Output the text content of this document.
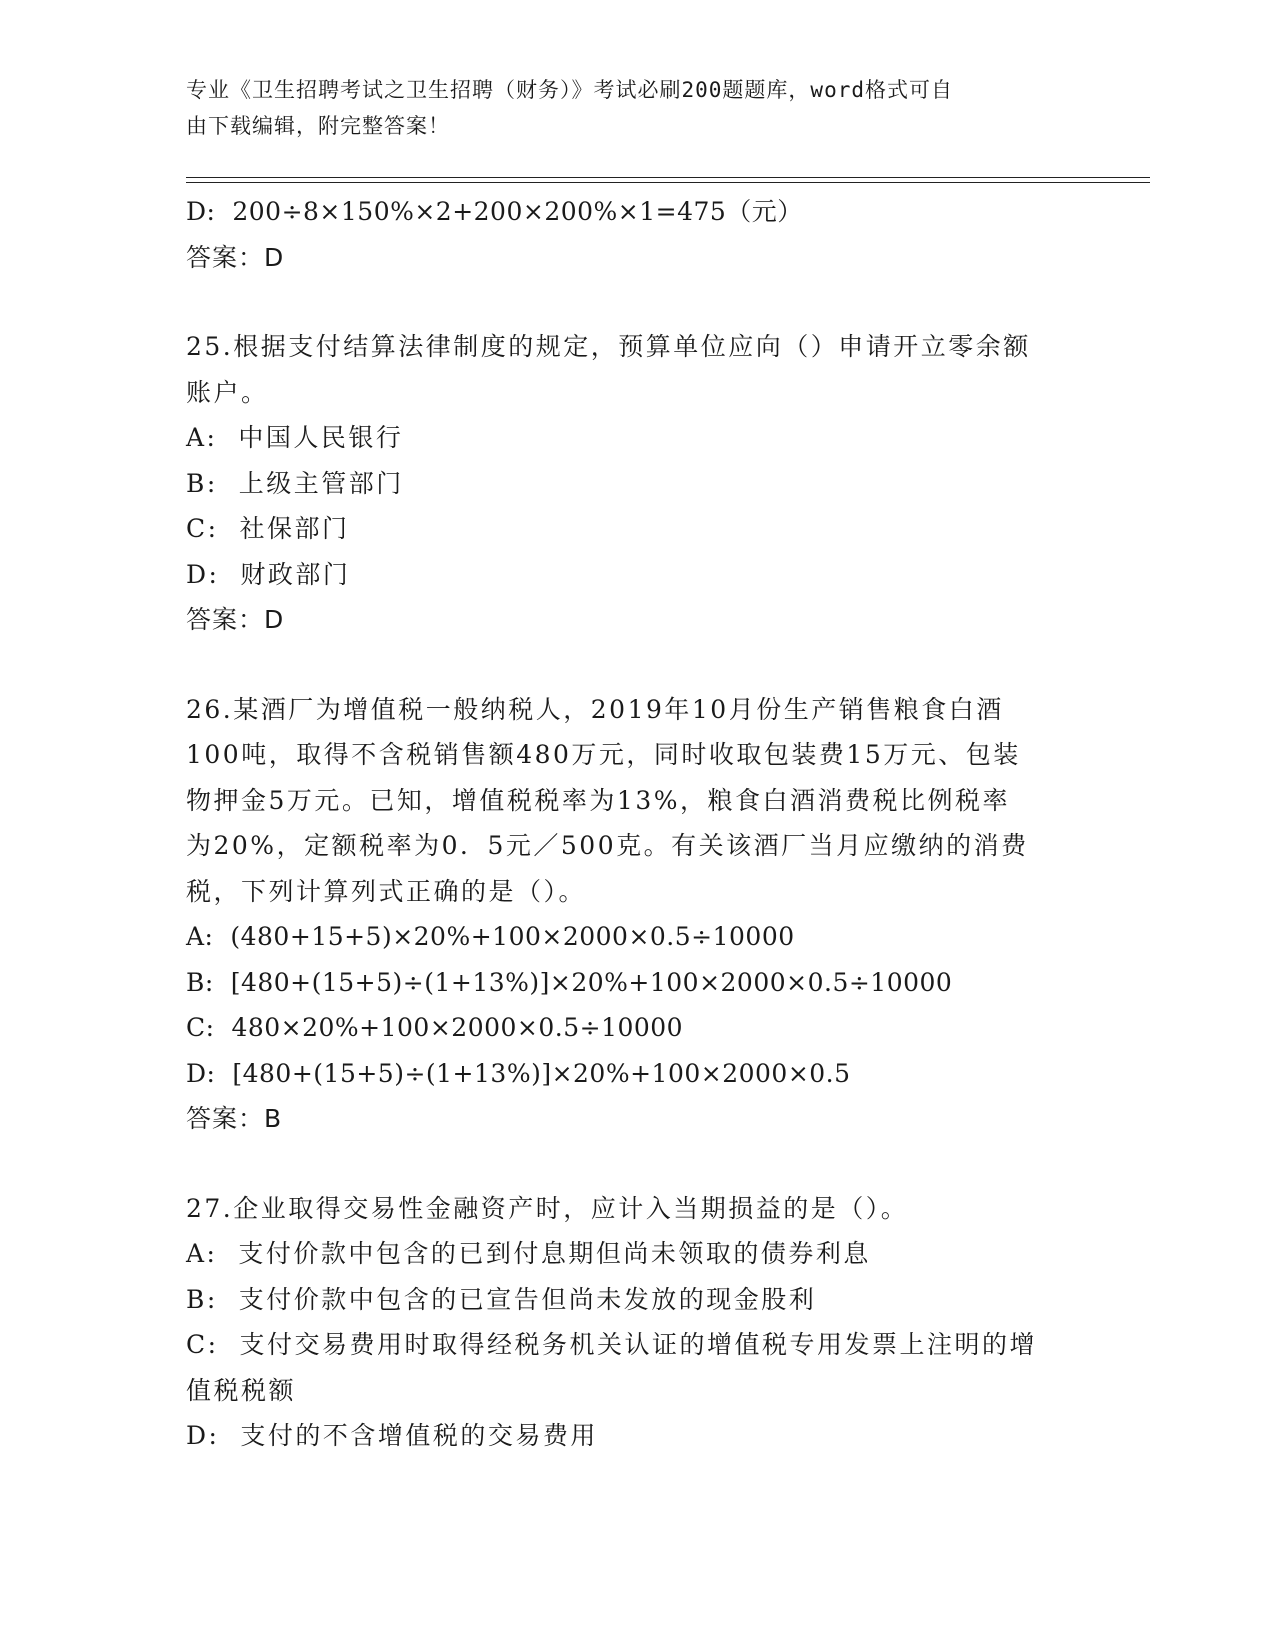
专业《卫生招聘考试之卫生招聘（财务）》考试必刷200题题库，word格式可自
由下载编辑，附完整答案！
D:  200÷8×150%×2+200×200%×1=475（元）
答案：D
25.根据支付结算法律制度的规定，预算单位应向（）申请开立零余额
账户。
A:  中国人民银行
B:  上级主管部门
C:  社保部门
D:  财政部门
答案：D
26.某酒厂为增值税一般纳税人，2019年10月份生产销售粮食白酒
100吨，取得不含税销售额480万元，同时收取包装费15万元、包装
物押金5万元。已知，增值税税率为13%，粮食白酒消费税比例税率
为20%，定额税率为0．5元／500克。有关该酒厂当月应缴纳的消费
税，下列计算列式正确的是（）。
A:  (480+15+5)×20%+100×2000×0.5÷10000
B:  [480+(15+5)÷(1+13%)]×20%+100×2000×0.5÷10000
C:  480×20%+100×2000×0.5÷10000
D:  [480+(15+5)÷(1+13%)]×20%+100×2000×0.5
答案：B
27.企业取得交易性金融资产时，应计入当期损益的是（）。
A:  支付价款中包含的已到付息期但尚未领取的债券利息
B:  支付价款中包含的已宣告但尚未发放的现金股利
C:  支付交易费用时取得经税务机关认证的增值税专用发票上注明的增
值税税额
D:  支付的不含增值税的交易费用
